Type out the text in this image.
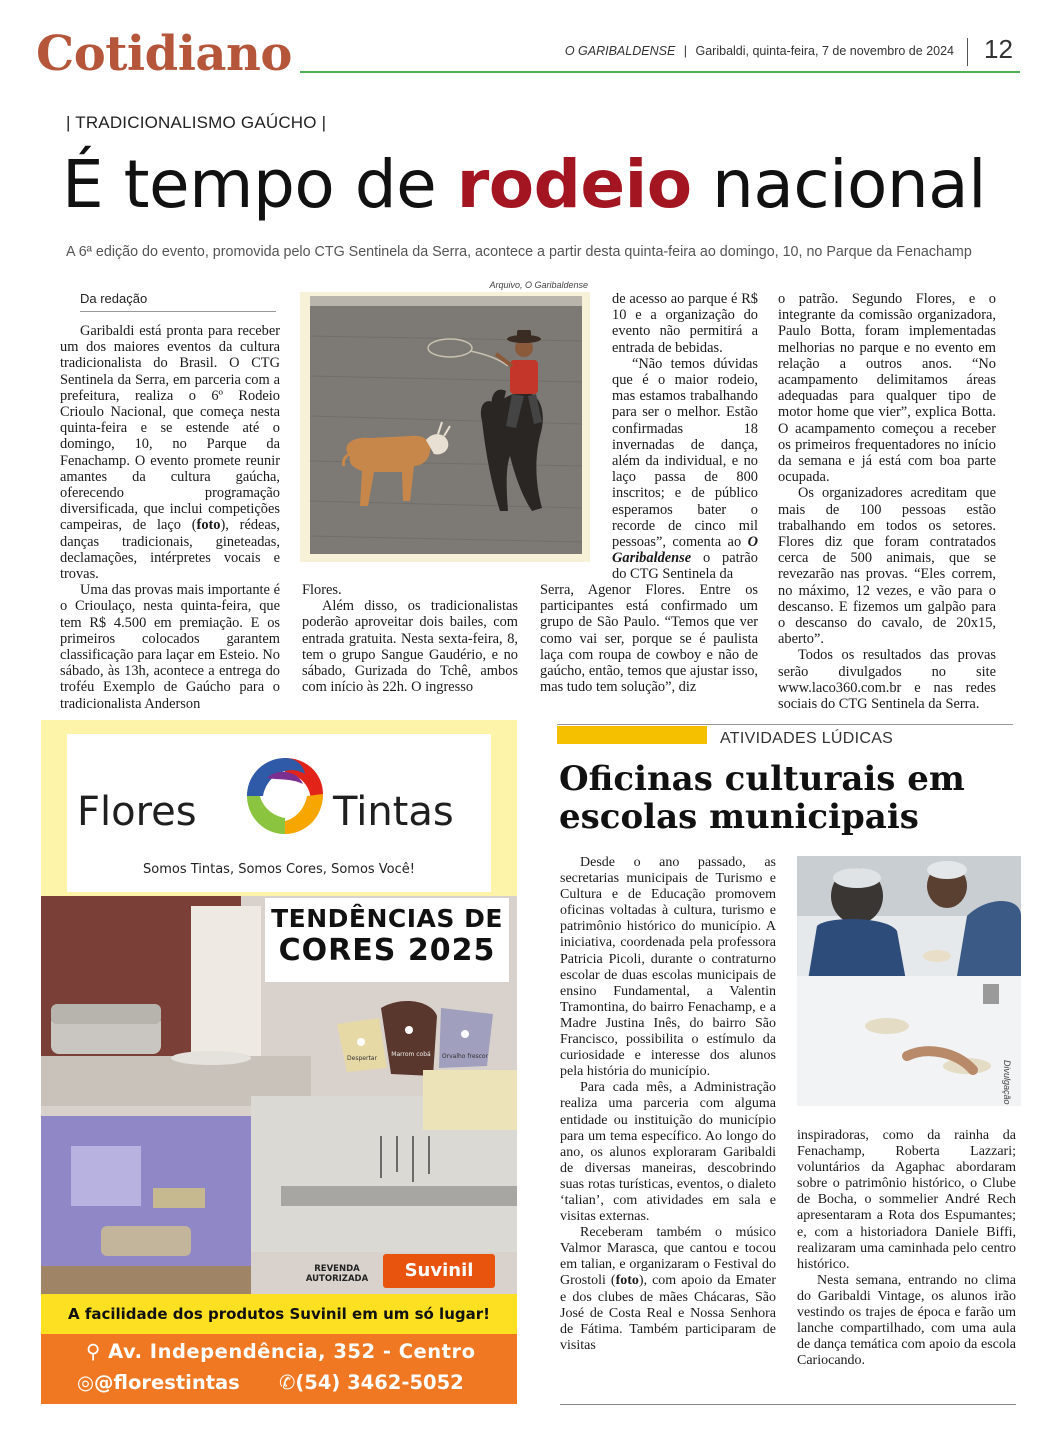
Cotidiano	O GARIBALDENSE | Garibaldi, quinta-feira, 7 de novembro de 2024 12
| TRADICIONALISMO GAÚCHO |
É tempo de rodeio nacional
A 6ª edição do evento, promovida pelo CTG Sentinela da Serra, acontece a partir desta quinta-feira ao domingo, 10, no Parque da Fenachamp
Da redação

Garibaldi está pronta para receber um dos maiores eventos da cultura tradicionalista do Brasil. O CTG Sentinela da Serra, em parceria com a prefeitura, realiza o 6º Rodeio Crioulo Nacional, que começa nesta quinta-feira e se estende até o domingo, 10, no Parque da Fenachamp. O evento promete reunir amantes da cultura gaúcha, oferecendo programação diversificada, que inclui competições campeiras, de laço (foto), rédeas, danças tradicionais, gineteadas, declamações, intérpretes vocais e trovas.

Uma das provas mais importante é o Crioulaço, nesta quinta-feira, que tem R$ 4.500 em premiação. E os primeiros colocados garantem classificação para laçar em Esteio. No sábado, às 13h, acontece a entrega do troféu Exemplo de Gaúcho para o tradicionalista Anderson

Arquivo, O Garibaldense

Flores.

Além disso, os tradicionalistas poderão aproveitar dois bailes, com entrada gratuita. Nesta sexta-feira, 8, tem o grupo Sangue Gaudério, e no sábado, Gurizada do Tchê, ambos com início às 22h. O ingresso

de acesso ao parque é R$ 10 e a organização do evento não permitirá a entrada de bebidas.

“Não temos dúvidas que é o maior rodeio, mas estamos trabalhando para ser o melhor. Estão confirmadas 18 invernadas de dança, além da individual, e no laço passa de 800 inscritos; e de público esperamos bater o recorde de cinco mil pessoas”, comenta ao O Garibaldense o patrão do CTG Sentinela da

Serra, Agenor Flores. Entre os participantes está confirmado um grupo de São Paulo. “Temos que ver como vai ser, porque se é paulista laça com roupa de cowboy e não de gaúcho, então, temos que ajustar isso, mas tudo tem solução”, diz

o patrão. Segundo Flores, e o integrante da comissão organizadora, Paulo Botta, foram implementadas melhorias no parque e no evento em relação a outros anos. “No acampamento delimitamos áreas adequadas para qualquer tipo de motor home que vier”, explica Botta. O acampamento começou a receber os primeiros frequentadores no início da semana e já está com boa parte ocupada.

Os organizadores acreditam que mais de 100 pessoas estão trabalhando em todos os setores. Flores diz que foram contratados cerca de 500 animais, que se revezarão nas provas. “Eles correm, no máximo, 12 vezes, e vão para o descanso. E fizemos um galpão para o descanso do cavalo, de 20x15, aberto”.

Todos os resultados das provas serão divulgados no site www.laco360.com.br e nas redes sociais do CTG Sentinela da Serra.

Flores	Tintas
Somos Tintas, Somos Cores, Somos Você!
Despertar
Marrom cobá Orvalho frescor
TENDÊNCIAS DE
CORES 2025
REVENDA AUTORIZADA	Suvinil
A facilidade dos produtos Suvinil em um só lugar!
⚲ Av. Independência, 352 - Centro
◎@florestintas ✆(54) 3462-5052
ATIVIDADES LÚDICAS
Oficinas culturais em escolas municipais

Desde o ano passado, as secretarias municipais de Turismo e Cultura e de Educação promovem oficinas voltadas à cultura, turismo e patrimônio histórico do município. A iniciativa, coordenada pela professora Patricia Picoli, durante o contraturno escolar de duas escolas municipais de ensino Fundamental, a Valentin Tramontina, do bairro Fenachamp, e a Madre Justina Inês, do bairro São Francisco, possibilita o estímulo da curiosidade e interesse dos alunos pela história do município.

Para cada mês, a Administração realiza uma parceria com alguma entidade ou instituição do município para um tema específico. Ao longo do ano, os alunos exploraram Garibaldi de diversas maneiras, descobrindo suas rotas turísticas, eventos, o dialeto ‘talian’, com atividades em sala e visitas externas.

Receberam também o músico Valmor Marasca, que cantou e tocou em talian, e organizaram o Festival do Grostoli (foto), com apoio da Emater e dos clubes de mães Chácaras, São José de Costa Real e Nossa Senhora de Fátima. Também participaram de visitas

Divulgação

inspiradoras, como da rainha da Fenachamp, Roberta Lazzari; voluntários da Agaphac abordaram sobre o patrimônio histórico, o Clube de Bocha, o sommelier André Rech apresentaram a Rota dos Espumantes; e, com a historiadora Daniele Biffi, realizaram uma caminhada pelo centro histórico.

Nesta semana, entrando no clima do Garibaldi Vintage, os alunos irão vestindo os trajes de época e farão um lanche compartilhado, com uma aula de dança temática com apoio da escola Cariocando.
